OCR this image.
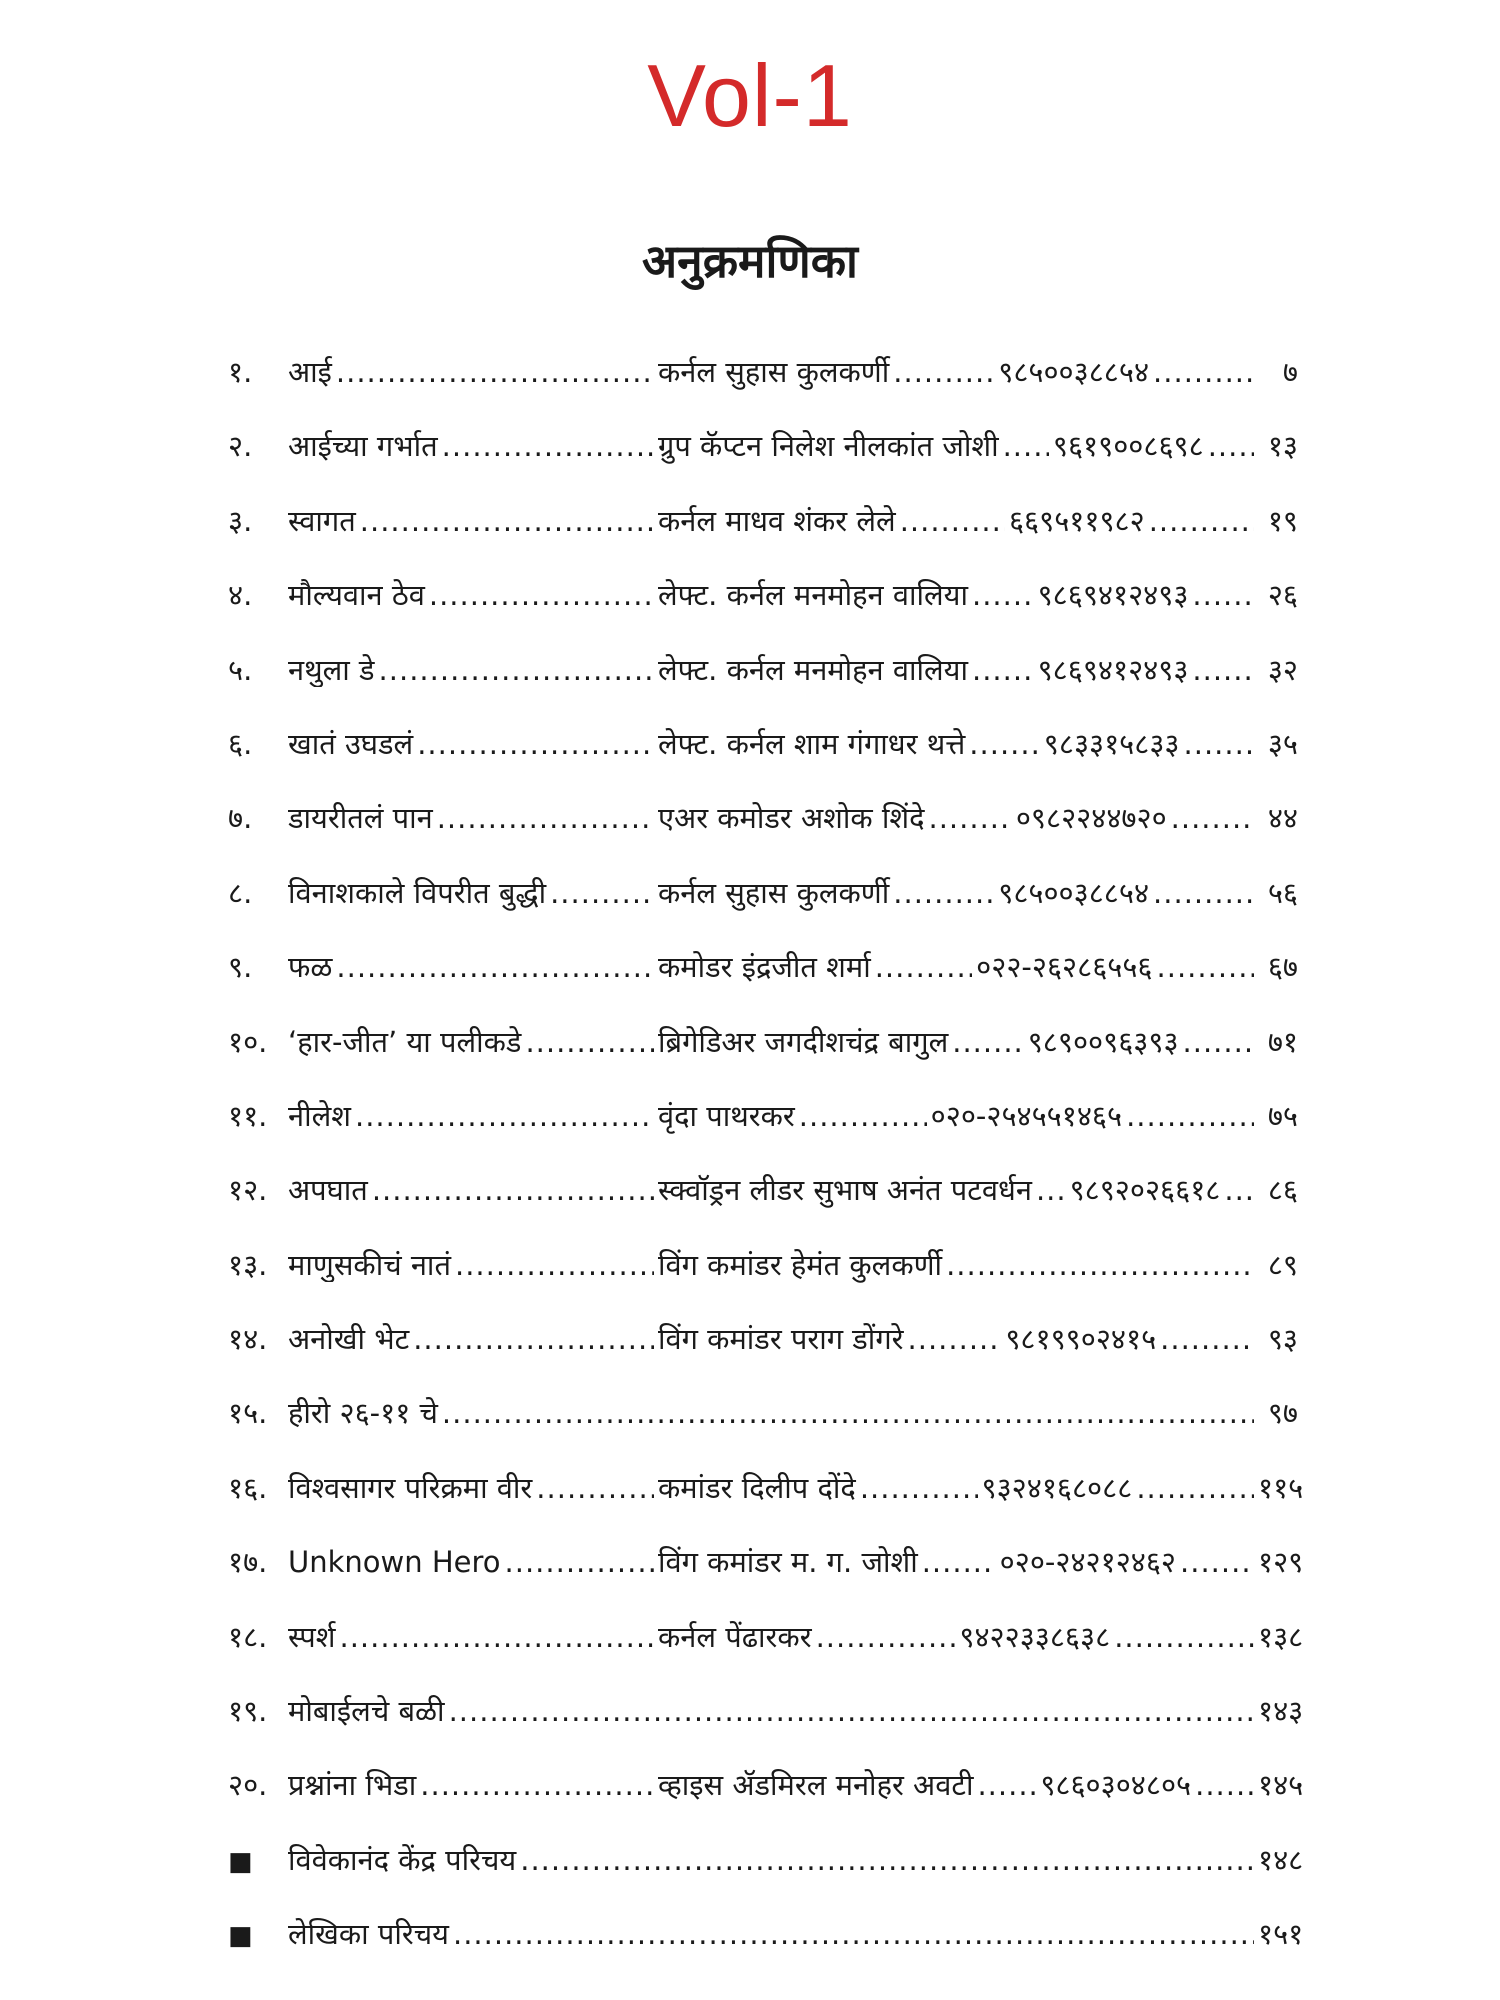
Vol-1
अनुक्रमणिका
१.	आई .....	कर्नल सुहास कुलकर्णी .....	९८५००३८८५४ .....	७
२.	आईच्या गर्भात .....	ग्रुप कॅप्टन निलेश नीलकांत जोशी ..... ९६१९००८६९८ .....	१३
३.	स्वागत .....	कर्नल माधव शंकर लेले .....	६६९५११९८२ .....	१९
४.	मौल्यवान ठेव .....	लेफ्ट. कर्नल मनमोहन वालिया ..... ९८६९४१२४९३ .....	२६
५.	नथुला डे .....	लेफ्ट. कर्नल मनमोहन वालिया ..... ९८६९४१२४९३ .....	३२
६.	खातं उघडलं .....	लेफ्ट. कर्नल शाम गंगाधर थत्ते .....	९८३३१५८३३ .....	३५
७.	डायरीतलं पान .....	एअर कमोडर अशोक शिंदे .....	०९८२२४४७२० .....	४४
८.	विनाशकाले विपरीत बुद्धी .....	कर्नल सुहास कुलकर्णी .....	९८५००३८८५४ .....	५६
९.	फळ .....	कमोडर इंद्रजीत शर्मा .....	०२२-२६२८६५५६ .....	६७
१०. ‘हार-जीत’ या पलीकडे .....	ब्रिगेडिअर जगदीशचंद्र बागुल .....	९८९००९६३९३ .....	७१
११. नीलेश .....	वृंदा पाथरकर .....	०२०-२५४५५१४६५ .....	७५
१२. अपघात .....	स्क्वॉड्रन लीडर सुभाष अनंत पटवर्धन ..... ९८९२०२६६१८ .....	८६
१३. माणुसकीचं नातं .....	विंग कमांडर हेमंत कुलकर्णी .....	८९
१४. अनोखी भेट .....	विंग कमांडर पराग डोंगरे .....	९८१९९०२४१५ .....	९३
१५. हीरो २६-११ चे .....	९७
१६. विश्वसागर परिक्रमा वीर .....	कमांडर दिलीप दोंदे .....	९३२४१६८०८८ .....	११५
१७. Unknown Hero .....	विंग कमांडर म. ग. जोशी .....	०२०-२४२१२४६२ .....	१२९
१८. स्पर्श .....	कर्नल पेंढारकर .....	९४२२३३८६३८ .....	१३८
१९. मोबाईलचे बळी .....	१४३
२०. प्रश्नांना भिडा .....	व्हाइस ॲडमिरल मनोहर अवटी ..... ९८६०३०४८०५ ..... १४५
■	विवेकानंद केंद्र परिचय .....	१४८
■	लेखिका परिचय .....	१५१
